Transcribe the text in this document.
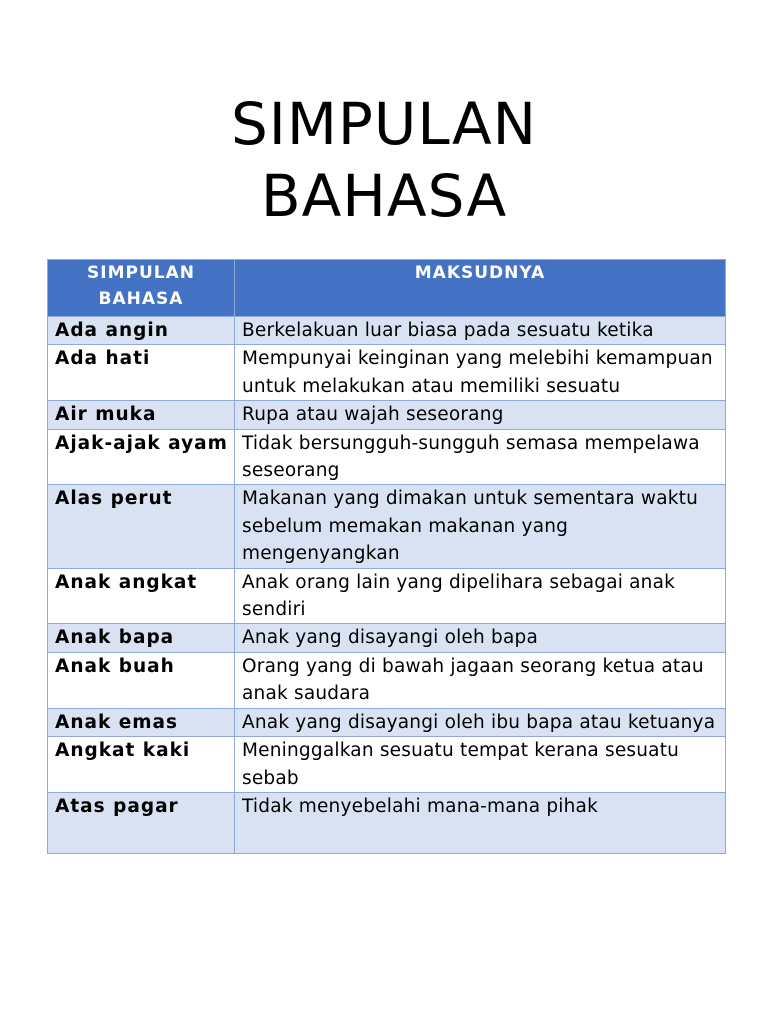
SIMPULAN
BAHASA
SIMPULAN BAHASA	MAKSUDNYA
Ada angin	Berkelakuan luar biasa pada sesuatu ketika
Ada hati	Mempunyai keinginan yang melebihi kemampuan untuk melakukan atau memiliki sesuatu
Air muka	Rupa atau wajah seseorang
Ajak-ajak ayam	Tidak bersungguh-sungguh semasa mempelawa seseorang
Alas perut	Makanan yang dimakan untuk sementara waktu sebelum memakan makanan yang mengenyangkan
Anak angkat	Anak orang lain yang dipelihara sebagai anak sendiri
Anak bapa	Anak yang disayangi oleh bapa
Anak buah	Orang yang di bawah jagaan seorang ketua atau anak saudara
Anak emas	Anak yang disayangi oleh ibu bapa atau ketuanya
Angkat kaki	Meninggalkan sesuatu tempat kerana sesuatu sebab
Atas pagar	Tidak menyebelahi mana-mana pihak
